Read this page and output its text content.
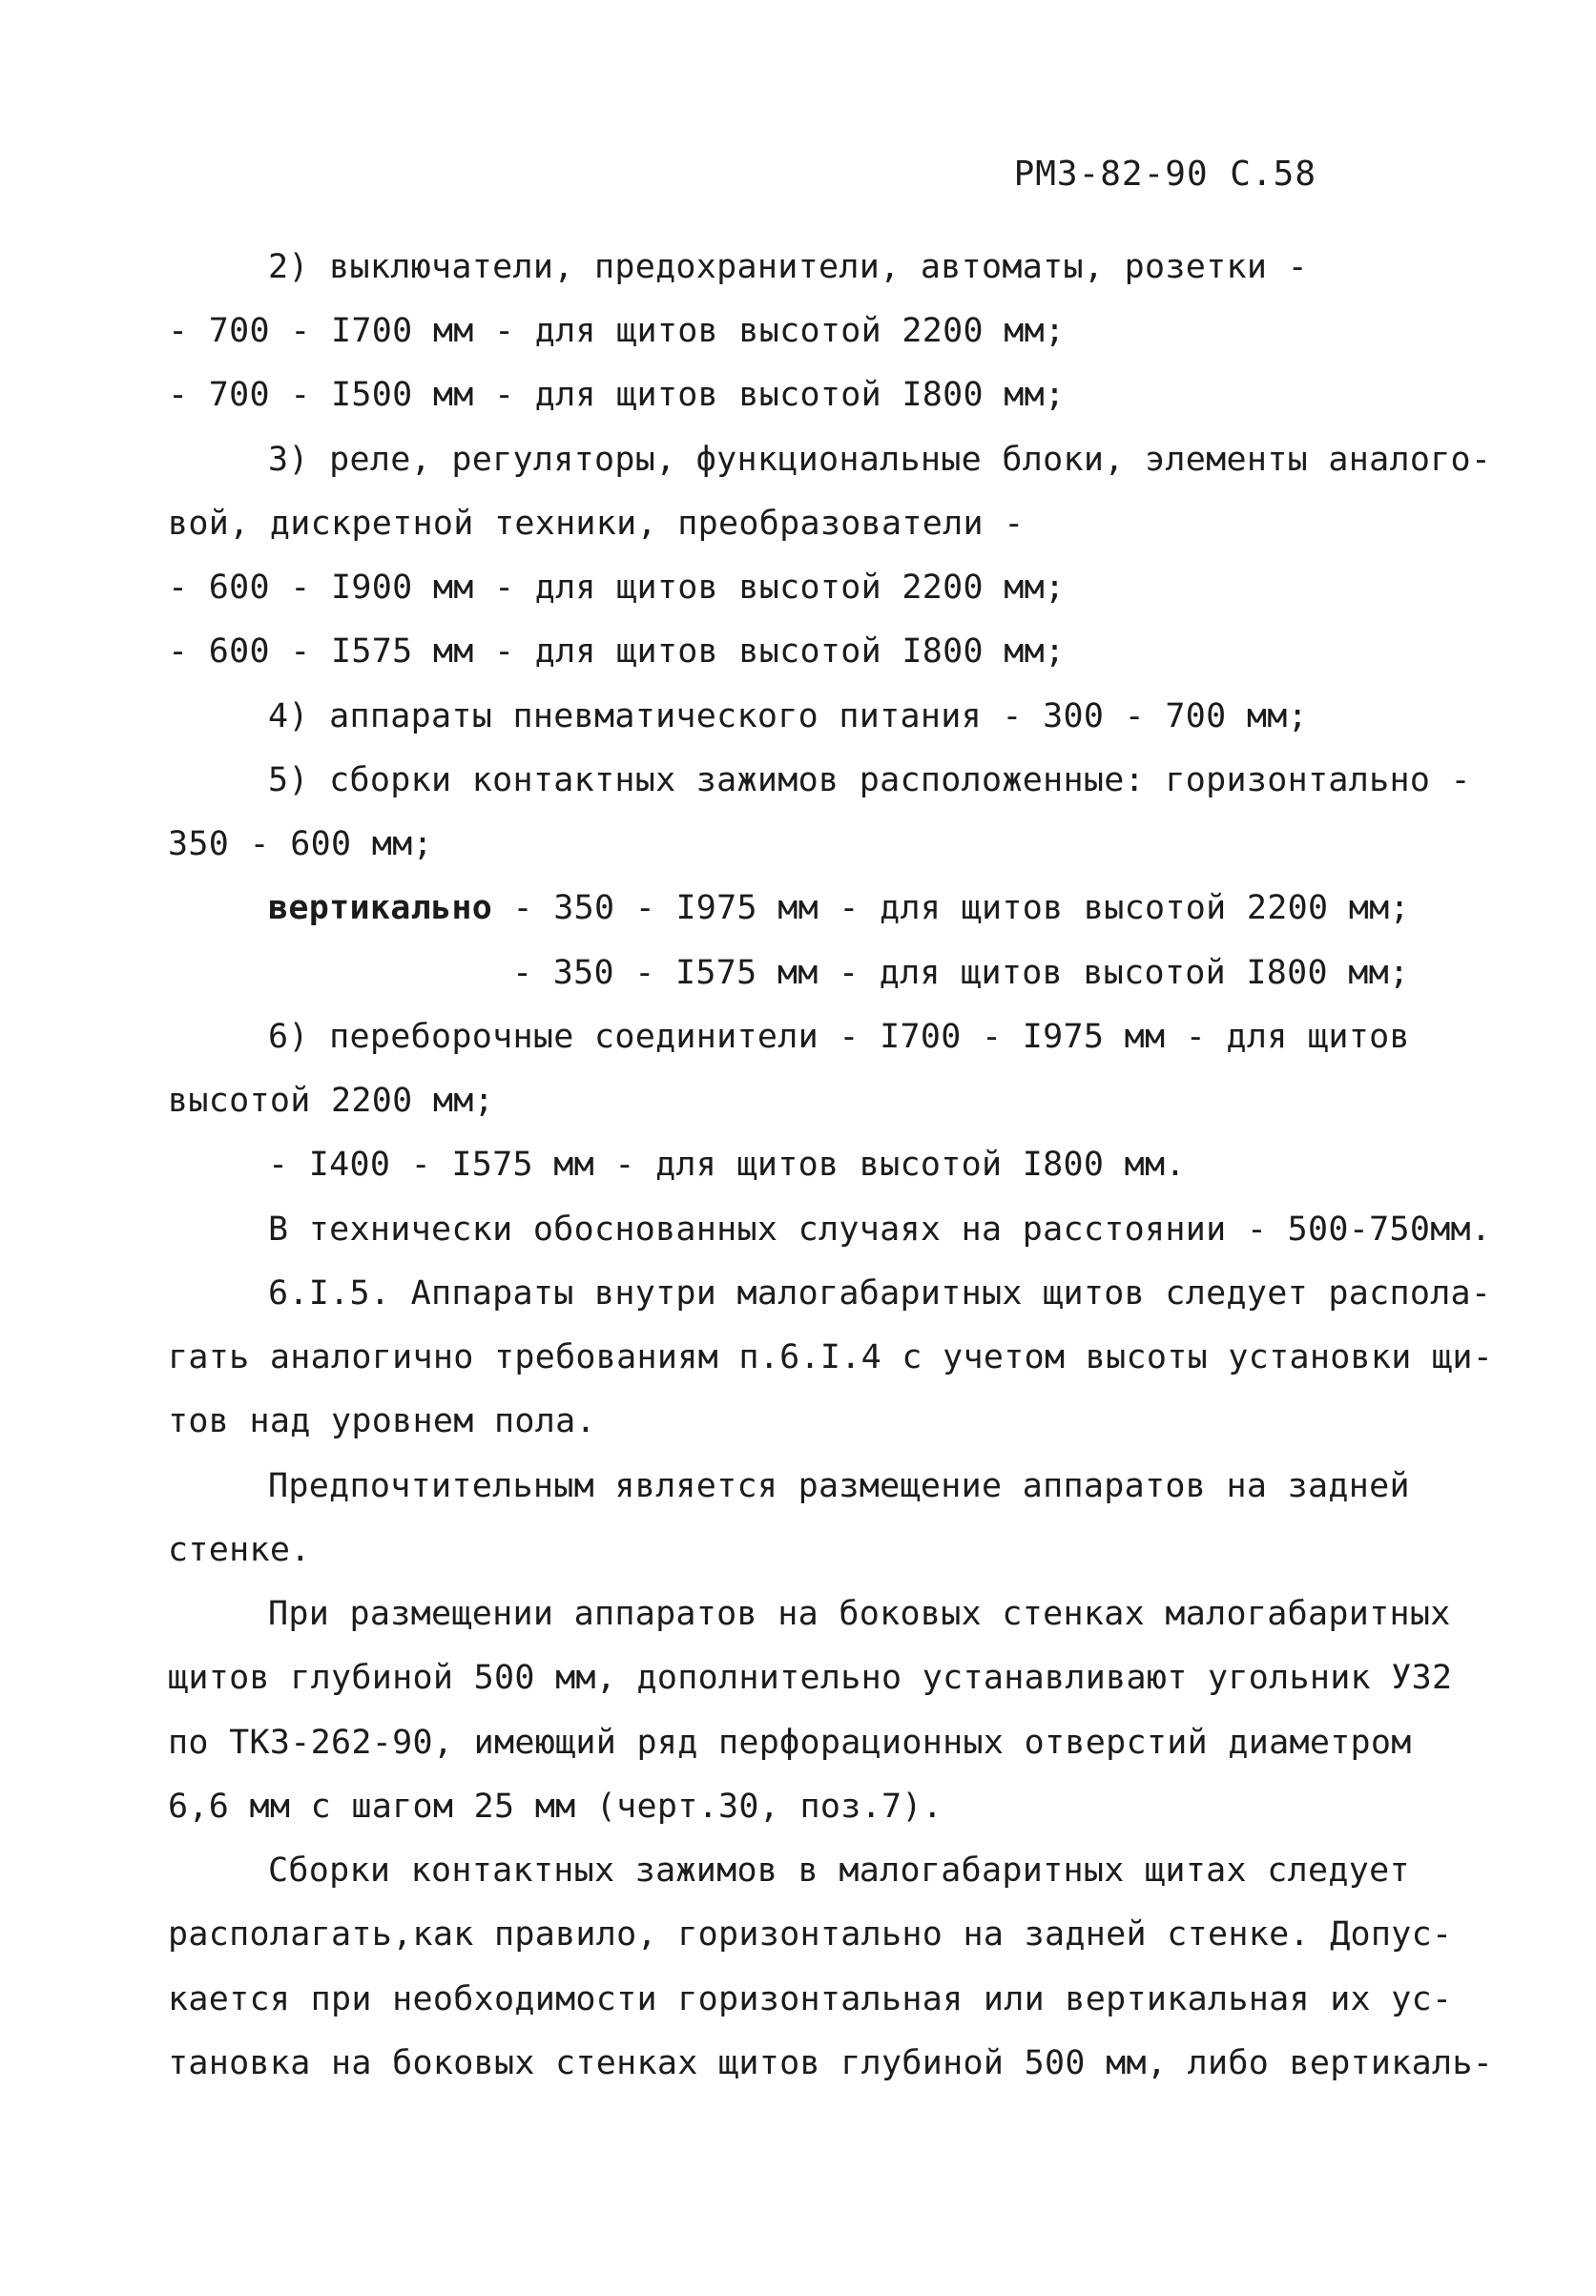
РМЗ-82-90 С.58
2) выключатели, предохранители, автоматы, розетки -
- 700 - I700 мм - для щитов высотой 2200 мм;
- 700 - I500 мм - для щитов высотой I800 мм;
3) реле, регуляторы, функциональные блоки, элементы аналого-
вой, дискретной техники, преобразователи -
- 600 - I900 мм - для щитов высотой 2200 мм;
- 600 - I575 мм - для щитов высотой I800 мм;
4) аппараты пневматического питания - 300 - 700 мм;
5) сборки контактных зажимов расположенные: горизонтально -
350 - 600 мм;
вертикально - 350 - I975 мм - для щитов высотой 2200 мм;
- 350 - I575 мм - для щитов высотой I800 мм;
6) переборочные соединители - I700 - I975 мм - для щитов
высотой 2200 мм;
- I400 - I575 мм - для щитов высотой I800 мм.
В технически обоснованных случаях на расстоянии - 500-750мм.
6.I.5. Аппараты внутри малогабаритных щитов следует распола-
гать аналогично требованиям п.6.I.4 с учетом высоты установки щи-
тов над уровнем пола.
Предпочтительным является размещение аппаратов на задней
стенке.
При размещении аппаратов на боковых стенках малогабаритных
щитов глубиной 500 мм, дополнительно устанавливают угольник У32
по ТКЗ-262-90, имеющий ряд перфорационных отверстий диаметром
6,6 мм с шагом 25 мм (черт.30, поз.7).
Сборки контактных зажимов в малогабаритных щитах следует
располагать,как правило, горизонтально на задней стенке. Допус-
кается при необходимости горизонтальная или вертикальная их ус-
тановка на боковых стенках щитов глубиной 500 мм, либо вертикаль-
